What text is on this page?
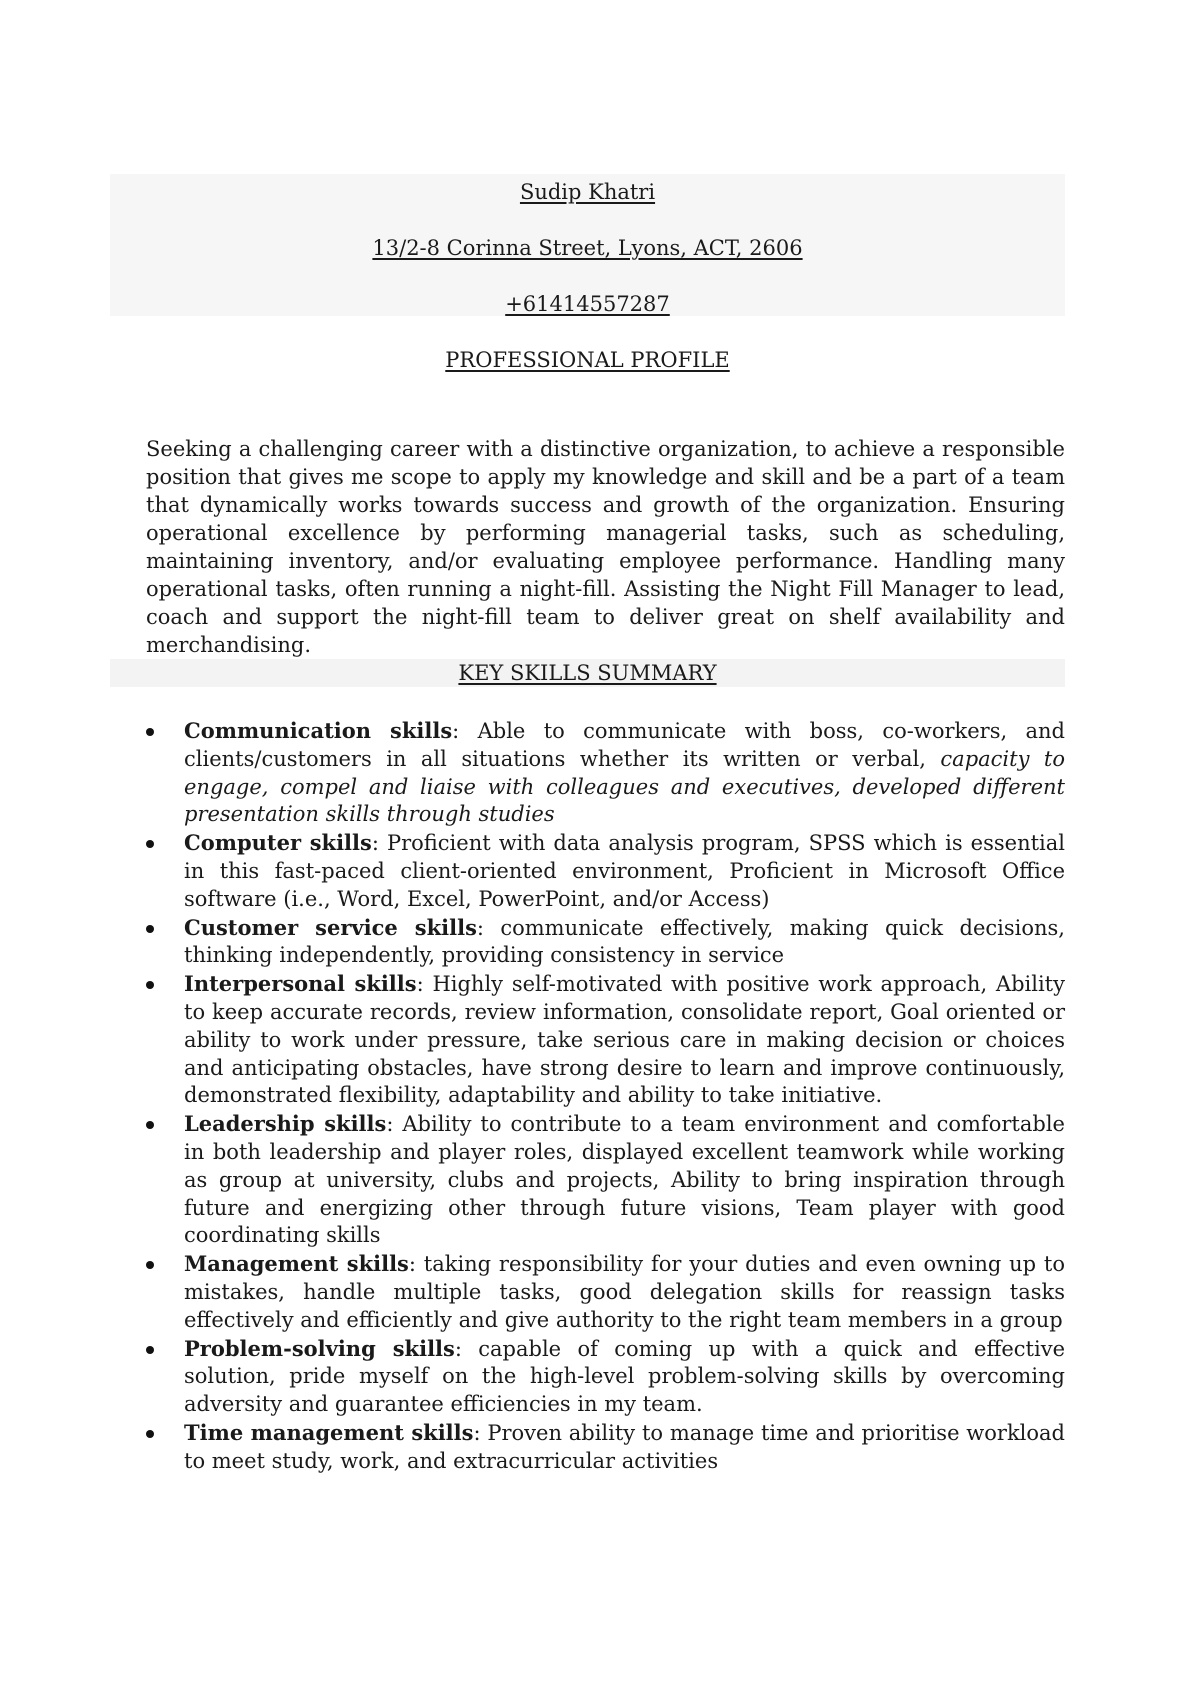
Sudip Khatri
13/2-8 Corinna Street, Lyons, ACT, 2606
+61414557287
PROFESSIONAL PROFILE

Seeking a challenging career with a distinctive organization, to achieve a responsible position that gives me scope to apply my knowledge and skill and be a part of a team that dynamically works towards success and growth of the organization. Ensuring operational excellence by performing managerial tasks, such as scheduling, maintaining inventory, and/or evaluating employee performance. Handling many operational tasks, often running a night-fill. Assisting the Night Fill Manager to lead, coach and support the night-fill team to deliver great on shelf availability and merchandising.

KEY SKILLS SUMMARY
Communication skills: Able to communicate with boss, co-workers, and clients/customers in all situations whether its written or verbal, capacity to engage, compel and liaise with colleagues and executives, developed different presentation skills through studies
Computer skills: Proficient with data analysis program, SPSS which is essential in this fast-paced client-oriented environment, Proficient in Microsoft Office software (i.e., Word, Excel, PowerPoint, and/or Access)
Customer service skills: communicate effectively, making quick decisions, thinking independently, providing consistency in service
Interpersonal skills: Highly self-motivated with positive work approach, Ability to keep accurate records, review information, consolidate report, Goal oriented or ability to work under pressure, take serious care in making decision or choices and anticipating obstacles, have strong desire to learn and improve continuously, demonstrated flexibility, adaptability and ability to take initiative.
Leadership skills: Ability to contribute to a team environment and comfortable in both leadership and player roles, displayed excellent teamwork while working as group at university, clubs and projects, Ability to bring inspiration through future and energizing other through future visions, Team player with good coordinating skills
Management skills: taking responsibility for your duties and even owning up to mistakes, handle multiple tasks, good delegation skills for reassign tasks effectively and efficiently and give authority to the right team members in a group
Problem-solving skills: capable of coming up with a quick and effective solution, pride myself on the high-level problem-solving skills by overcoming adversity and guarantee efficiencies in my team.
Time management skills: Proven ability to manage time and prioritise workload to meet study, work, and extracurricular activities
